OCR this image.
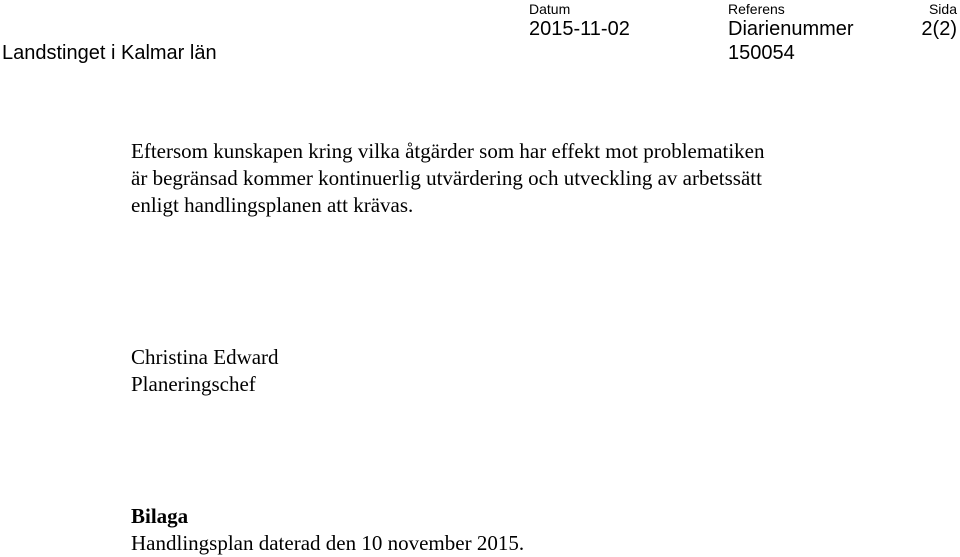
Landstinget i Kalmar län
Datum
2015-11-02
Referens
Diarienummer
150054
Sida
2(2)
Eftersom kunskapen kring vilka åtgärder som har effekt mot problematiken
är begränsad kommer kontinuerlig utvärdering och utveckling av arbetssätt
enligt handlingsplanen att krävas.
Christina Edward
Planeringschef
Bilaga
Handlingsplan daterad den 10 november 2015.
